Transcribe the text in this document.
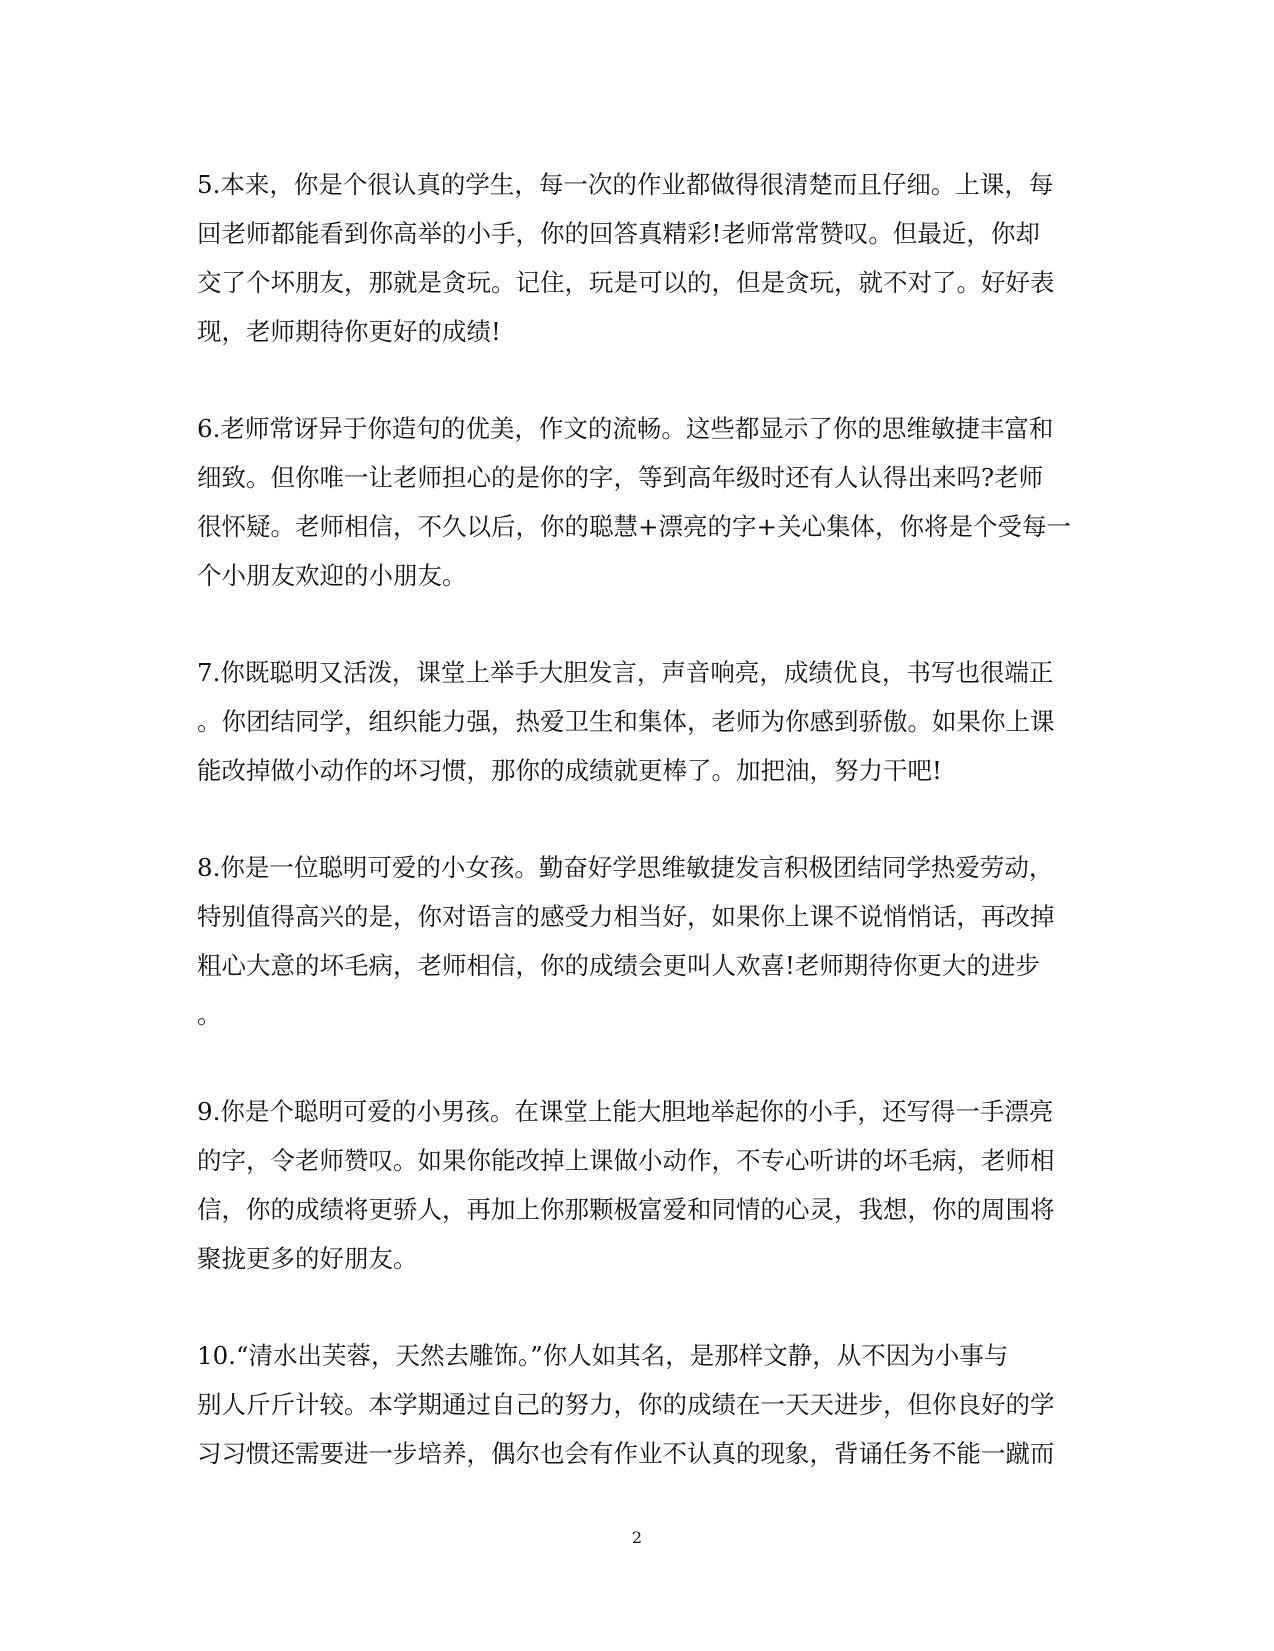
5.本来，你是个很认真的学生，每一次的作业都做得很清楚而且仔细。上课，每
回老师都能看到你高举的小手，你的回答真精彩!老师常常赞叹。但最近，你却
交了个坏朋友，那就是贪玩。记住，玩是可以的，但是贪玩，就不对了。好好表
现，老师期待你更好的成绩!

6.老师常讶异于你造句的优美，作文的流畅。这些都显示了你的思维敏捷丰富和
细致。但你唯一让老师担心的是你的字，等到高年级时还有人认得出来吗?老师
很怀疑。老师相信，不久以后，你的聪慧+漂亮的字+关心集体，你将是个受每一
个小朋友欢迎的小朋友。

7.你既聪明又活泼，课堂上举手大胆发言，声音响亮，成绩优良，书写也很端正
。你团结同学，组织能力强，热爱卫生和集体，老师为你感到骄傲。如果你上课
能改掉做小动作的坏习惯，那你的成绩就更棒了。加把油，努力干吧!

8.你是一位聪明可爱的小女孩。勤奋好学思维敏捷发言积极团结同学热爱劳动，
特别值得高兴的是，你对语言的感受力相当好，如果你上课不说悄悄话，再改掉
粗心大意的坏毛病，老师相信，你的成绩会更叫人欢喜!老师期待你更大的进步
。

9.你是个聪明可爱的小男孩。在课堂上能大胆地举起你的小手，还写得一手漂亮
的字，令老师赞叹。如果你能改掉上课做小动作，不专心听讲的坏毛病，老师相
信，你的成绩将更骄人，再加上你那颗极富爱和同情的心灵，我想，你的周围将
聚拢更多的好朋友。

10.“清水出芙蓉，天然去雕饰。”你人如其名，是那样文静，从不因为小事与
别人斤斤计较。本学期通过自己的努力，你的成绩在一天天进步，但你良好的学
习习惯还需要进一步培养，偶尔也会有作业不认真的现象，背诵任务不能一蹴而

2
